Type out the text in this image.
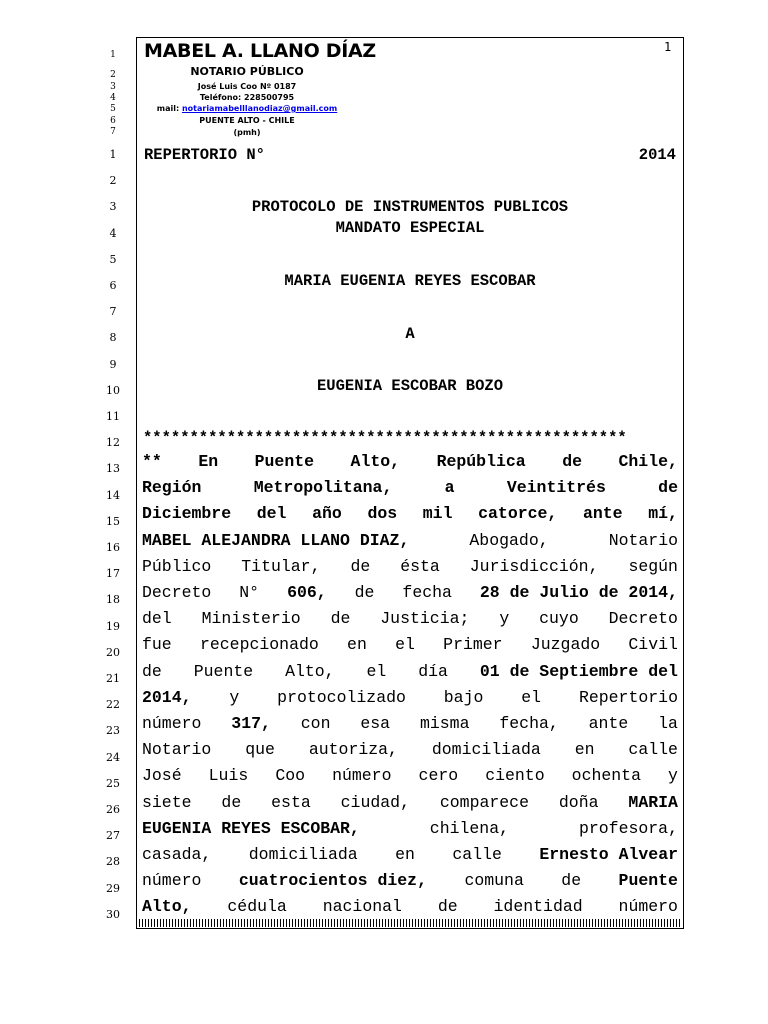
1
1
2
3
4
5
6
7
1
2
3
4
5
6
7
8
9
10
11
12
13
14
15
16
17
18
19
20
21
22
23
24
25
26
27
28
29
30
MABEL A. LLANO DÍAZ
NOTARIO PÚBLICO
José Luis Coo Nº 0187
Teléfono: 228500795
mail: notariamabelllanodiaz@gmail.com
PUENTE ALTO - CHILE
(pmh)
REPERTORIO N°	2014
PROTOCOLO DE INSTRUMENTOS PUBLICOS
MANDATO ESPECIAL
MARIA EUGENIA REYES ESCOBAR
A
EUGENIA ESCOBAR BOZO
****************************************************
** En Puente Alto, República de Chile,
Región	Metropolitana,	a	Veintitrés	de
Diciembre del año dos mil catorce, ante mí,
MABEL ALEJANDRA LLANO DIAZ,	Abogado,	Notario
Público Titular, de ésta Jurisdicción, según
Decreto N° 606, de fecha 28 de Julio de 2014,
del Ministerio de Justicia; y cuyo Decreto
fue recepcionado en el Primer Juzgado Civil
de Puente Alto, el día 01 de Septiembre del
2014, y protocolizado bajo el Repertorio
número 317, con esa misma fecha, ante la
Notario que autoriza, domiciliada en calle
José Luis Coo número cero ciento ochenta y
siete de esta ciudad, comparece doña MARIA
EUGENIA REYES ESCOBAR,	chilena,	profesora,
casada, domiciliada en calle Ernesto Alvear
número cuatrocientos diez, comuna de Puente
Alto, cédula nacional de identidad número
